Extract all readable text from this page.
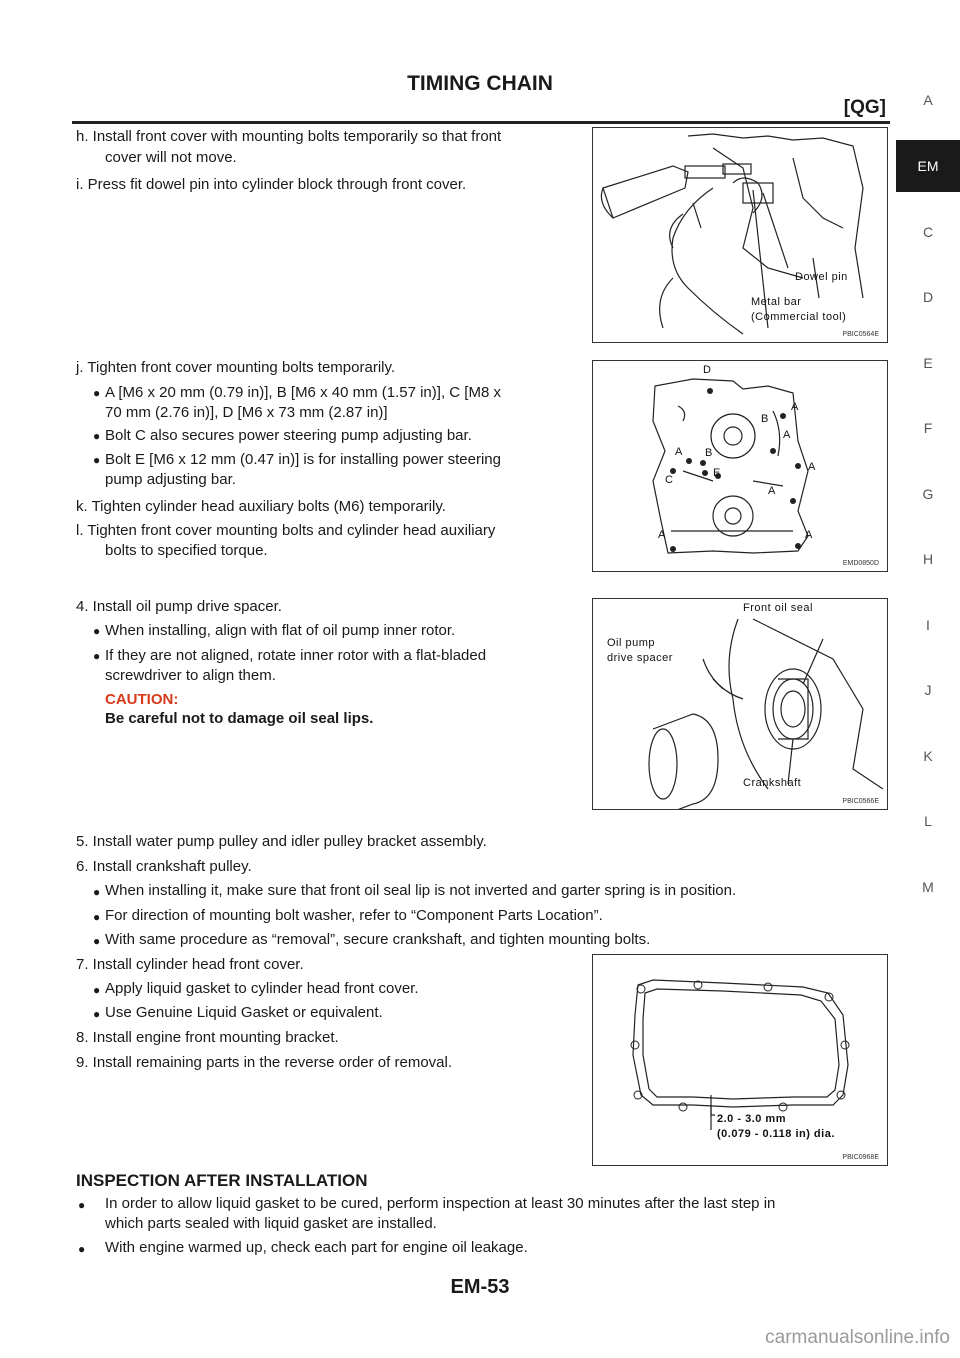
TIMING CHAIN
[QG]	A
EM
C
D
E
F
G
H
I
J
K
L
M
h. Install front cover with mounting bolts temporarily so that front
cover will not move.
i. Press fit dowel pin into cylinder block through front cover.
Dowel pin
Metal bar
(Commercial tool)
PBIC0564E
j. Tighten front cover mounting bolts temporarily.
● A [M6 x 20 mm (0.79 in)], B [M6 x 40 mm (1.57 in)], C [M8 x
70 mm (2.76 in)], D [M6 x 73 mm (2.87 in)]
● Bolt C also secures power steering pump adjusting bar.
● Bolt E [M6 x 12 mm (0.47 in)] is for installing power steering
pump adjusting bar.
k. Tighten cylinder head auxiliary bolts (M6) temporarily.
l. Tighten front cover mounting bolts and cylinder head auxiliary
bolts to specified torque.
D
A
B
A
A B
A
C
E
A
A	A
EMD0850D
4. Install oil pump drive spacer.
● When installing, align with flat of oil pump inner rotor.
● If they are not aligned, rotate inner rotor with a flat-bladed
screwdriver to align them.
CAUTION:
Be careful not to damage oil seal lips.
Front oil seal
Oil pump
drive spacer
Crankshaft
PBIC0566E
5. Install water pump pulley and idler pulley bracket assembly.
6. Install crankshaft pulley.
● When installing it, make sure that front oil seal lip is not inverted and garter spring is in position.
● For direction of mounting bolt washer, refer to “Component Parts Location”.
● With same procedure as “removal”, secure crankshaft, and tighten mounting bolts.
7. Install cylinder head front cover.
● Apply liquid gasket to cylinder head front cover.
● Use Genuine Liquid Gasket or equivalent.
8. Install engine front mounting bracket.
9. Install remaining parts in the reverse order of removal.
2.0 - 3.0 mm
(0.079 - 0.118 in) dia.
PBIC0968E
INSPECTION AFTER INSTALLATION
● In order to allow liquid gasket to be cured, perform inspection at least 30 minutes after the last step in
which parts sealed with liquid gasket are installed.
● With engine warmed up, check each part for engine oil leakage.
EM-53
carmanualsonline.info
